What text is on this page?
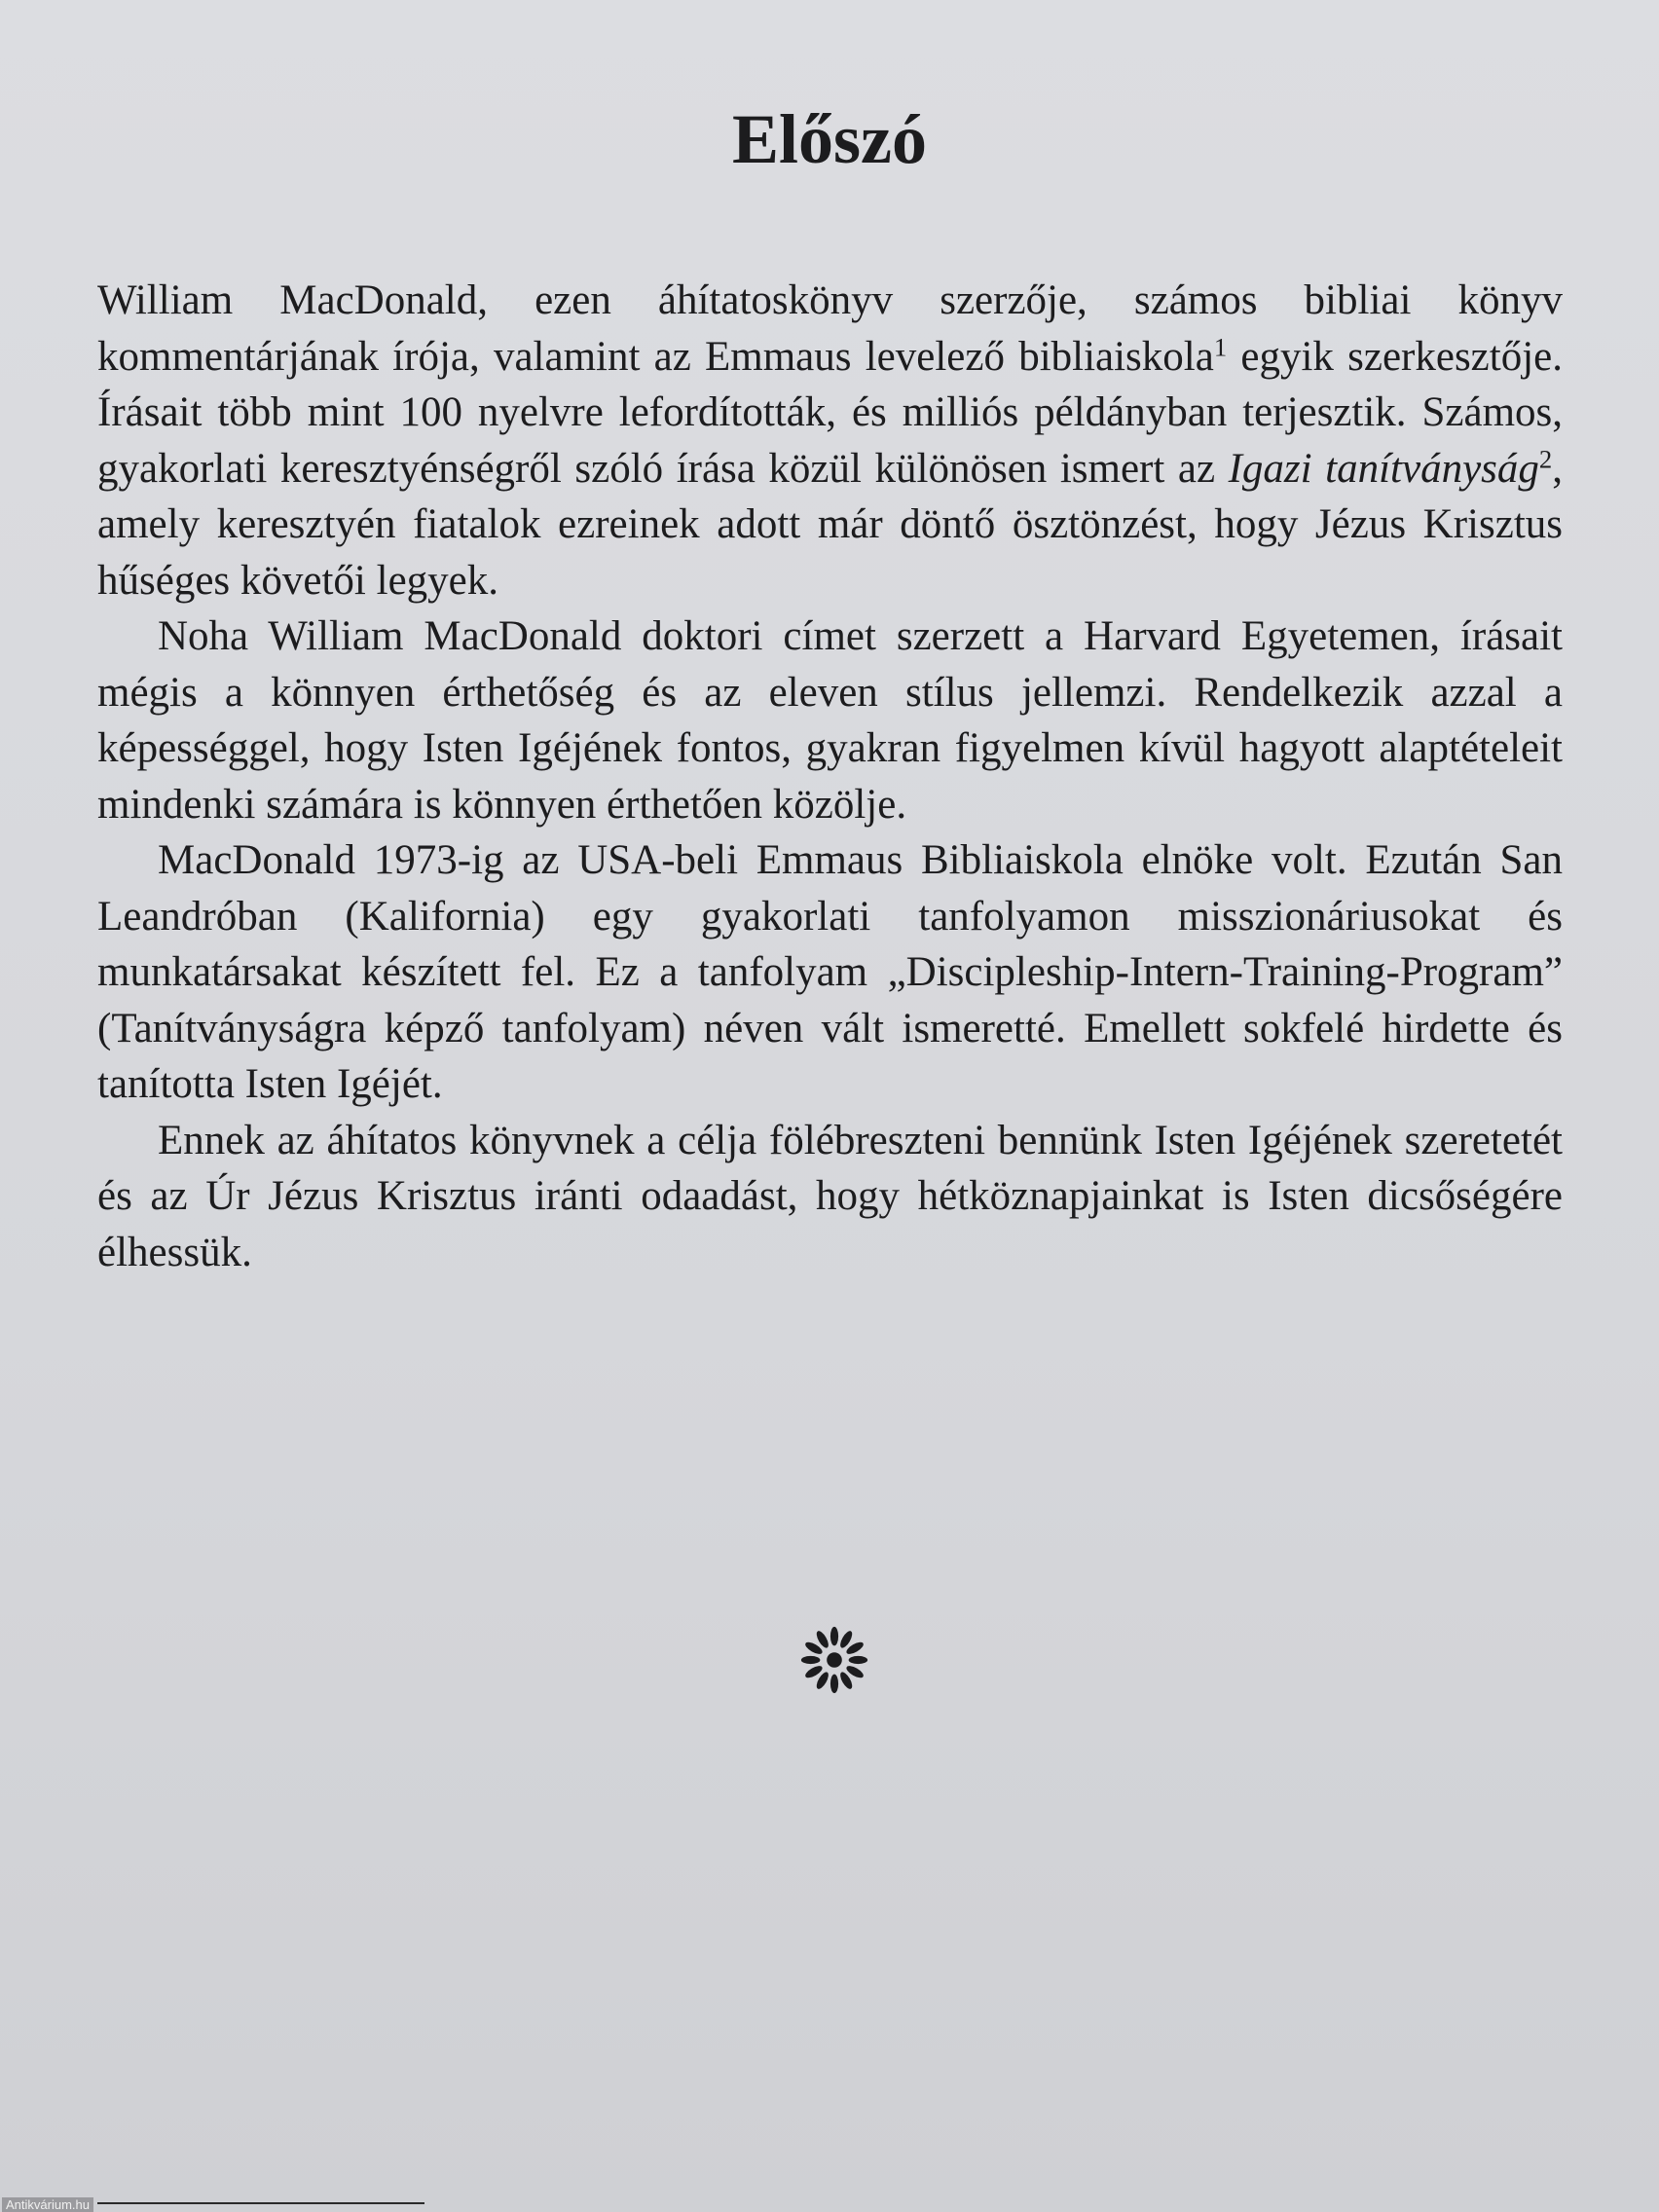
Előszó

William MacDonald, ezen áhítatoskönyv szerzője, számos bibliai könyv kommentárjának írója, valamint az Emmaus levelező bibliaiskola$^1$ egyik szerkesztője. Írásait több mint 100 nyelvre lefordították, és milliós példányban terjesztik. Számos, gyakorlati keresztyénségről szóló írása közül különösen ismert az Igazi tanítványság$^2$, amely keresztyén fiatalok ezreinek adott már döntő ösztönzést, hogy Jézus Krisztus hűséges követői legyek.

Noha William MacDonald doktori címet szerzett a Harvard Egyetemen, írásait mégis a könnyen érthetőség és az eleven stílus jellemzi. Rendelkezik azzal a képességgel, hogy Isten Igéjének fontos, gyakran figyelmen kívül hagyott alaptételeit mindenki számára is könnyen érthetően közölje.

MacDonald 1973-ig az USA-beli Emmaus Bibliaiskola elnöke volt. Ezután San Leandróban (Kalifornia) egy gyakorlati tanfolyamon misszionáriusokat és munkatársakat készített fel. Ez a tanfolyam „Discipleship-Intern-Training-Program” (Tanítványságra képző tanfolyam) néven vált ismeretté. Emellett sokfelé hirdette és tanította Isten Igéjét.

Ennek az áhítatos könyvnek a célja fölébreszteni bennünk Isten Igéjének szeretetét és az Úr Jézus Krisztus iránti odaadást, hogy hétköznapjainkat is Isten dicsőségére élhessük.

Antikvárium.hu
